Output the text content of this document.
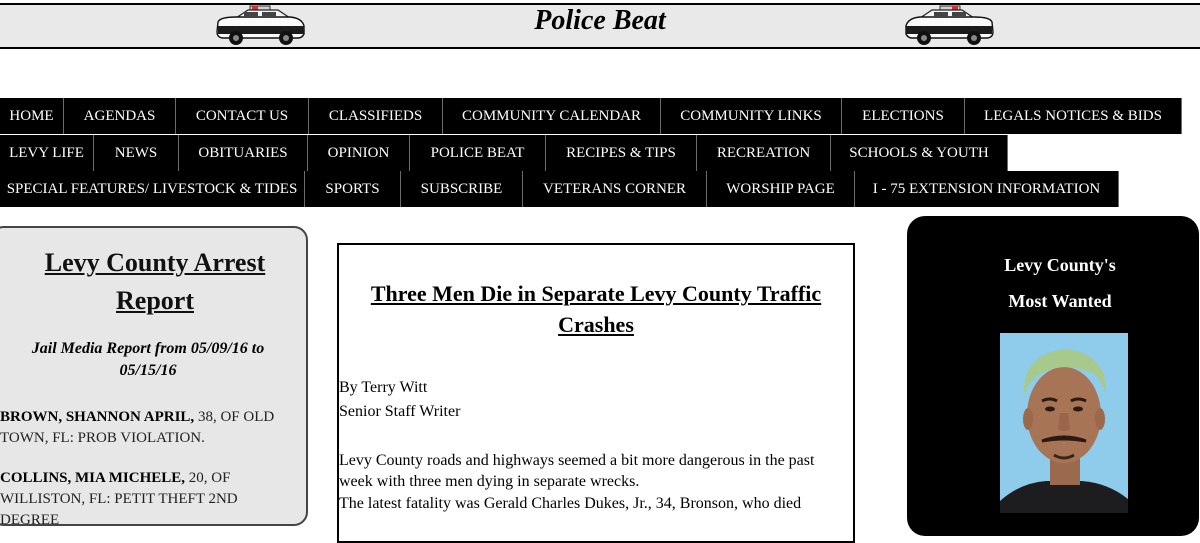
Police Beat
HOME	AGENDAS	CONTACT US	CLASSIFIEDS	COMMUNITY CALENDAR	COMMUNITY LINKS	ELECTIONS	LEGALS NOTICES & BIDS
LEVY LIFE	NEWS	OBITUARIES	OPINION	POLICE BEAT	RECIPES & TIPS	RECREATION	SCHOOLS & YOUTH
SPECIAL FEATURES/ LIVESTOCK & TIDES	SPORTS	SUBSCRIBE	VETERANS CORNER	WORSHIP PAGE	I - 75 EXTENSION INFORMATION
Levy County Arrest
Report
Jail Media Report from 05/09/16 to
05/15/16
BROWN, SHANNON APRIL, 38, OF OLD
TOWN, FL: PROB VIOLATION.
COLLINS, MIA MICHELE, 20, OF
WILLISTON, FL: PETIT THEFT 2ND DEGREE
Three Men Die in Separate Levy County Traffic
Crashes
By Terry Witt
Senior Staff Writer
Levy County roads and highways seemed a bit more dangerous in the past
week with three men dying in separate wrecks.
The latest fatality was Gerald Charles Dukes, Jr., 34, Bronson, who died
Levy County's
Most Wanted
